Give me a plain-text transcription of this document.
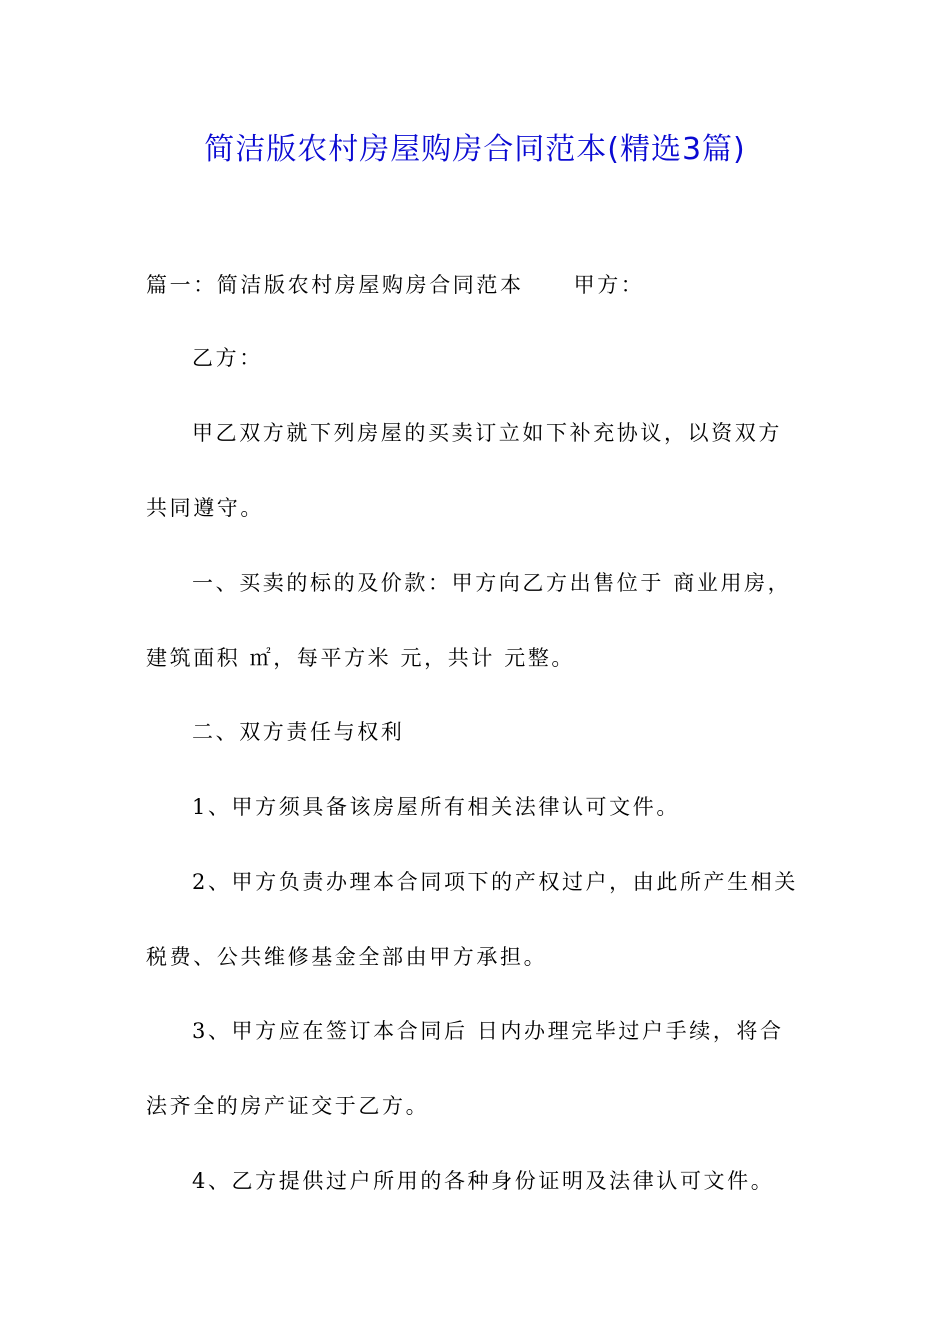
简洁版农村房屋购房合同范本(精选3篇)
篇一：简洁版农村房屋购房合同范本 甲方：
乙方：
甲乙双方就下列房屋的买卖订立如下补充协议，以资双方
共同遵守。
一、买卖的标的及价款：甲方向乙方出售位于 商业用房，
建筑面积 ㎡，每平方米 元，共计 元整。
二、双方责任与权利
1、甲方须具备该房屋所有相关法律认可文件。
2、甲方负责办理本合同项下的产权过户，由此所产生相关
税费、公共维修基金全部由甲方承担。
3、甲方应在签订本合同后 日内办理完毕过户手续，将合
法齐全的房产证交于乙方。
4、乙方提供过户所用的各种身份证明及法律认可文件。
